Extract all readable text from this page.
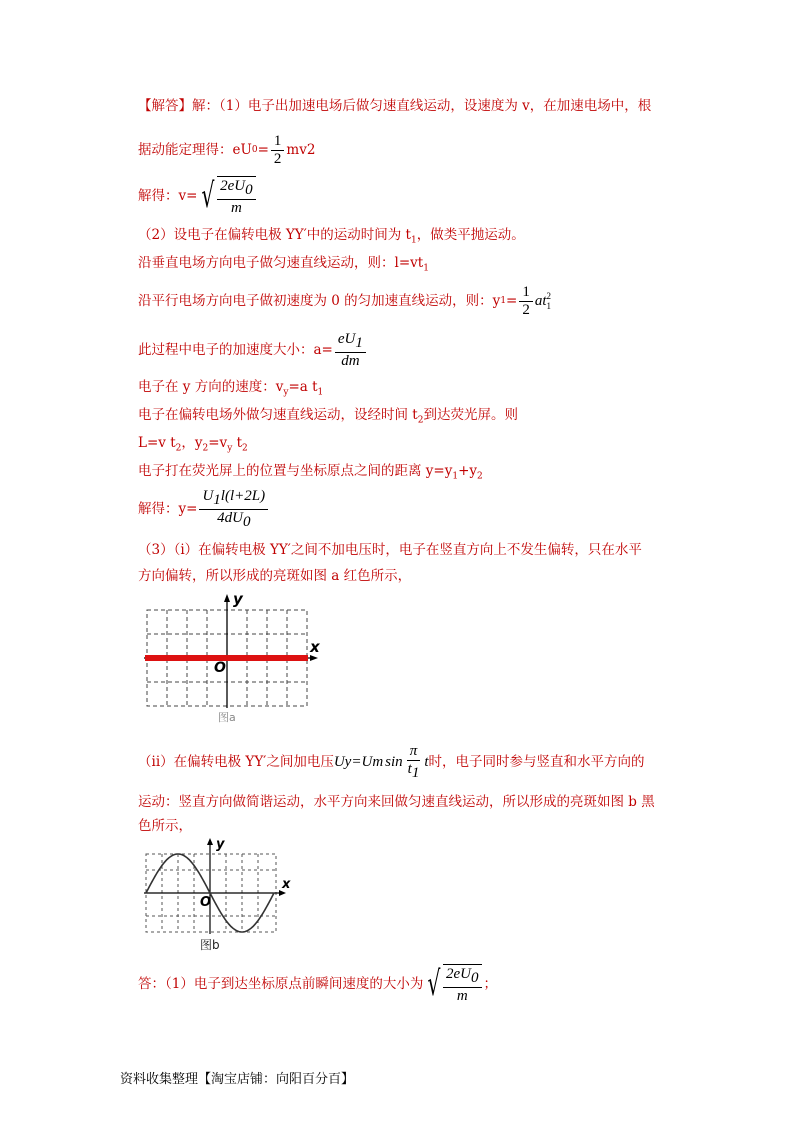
【解答】解：（1）电子出加速电场后做匀速直线运动，设速度为 v，在加速电场中，根
据动能定理得：eU $0 = \frac{1}{2} mv2$
解得：v= √ $\frac{2eU_0}{m}$
（2）设电子在偏转电极 YY′中的运动时间为 $t_1$，做类平抛运动。
沿垂直电场方向电子做匀速直线运动，则：$l=vt_1$
沿平行电场方向电子做初速度为 0 的匀加速直线运动，则：y $1 = \frac{1}{2}$ at 2
1
此过程中电子的加速度大小：$a= \frac{eU_1}{dm}$
电子在 y 方向的速度：$v_y=a$ $t_1$
电子在偏转电场外做匀速直线运动，设经时间 $t_2$到达荧光屏。则
L=v $t_2$，$y_2=v_y$ $t_2$
电子打在荧光屏上的位置与坐标原点之间的距离 $y=y_1+y_2$
解得：$y= \frac{U_1l(l+2L)}{4dU_0}$
（3）（i）在偏转电极 YY′之间不加电压时，电子在竖直方向上不发生偏转，只在水平
方向偏转，所以形成的亮斑如图 a 红色所示，
y
x
O
图a
（ii）在偏转电极 YY′之间加电压 U y = U m $\sin \frac{\pi}{t_1}$ t 时，电子同时参与竖直和水平方向的
运动：竖直方向做简谐运动，水平方向来回做匀速直线运动，所以形成的亮斑如图 b 黑
色所示，
y
x
O
图b
答：（1）电子到达坐标原点前瞬间速度的大小为 √ $\frac{2eU_0}{m}$ ；
资料收集整理【淘宝店铺：向阳百分百】
